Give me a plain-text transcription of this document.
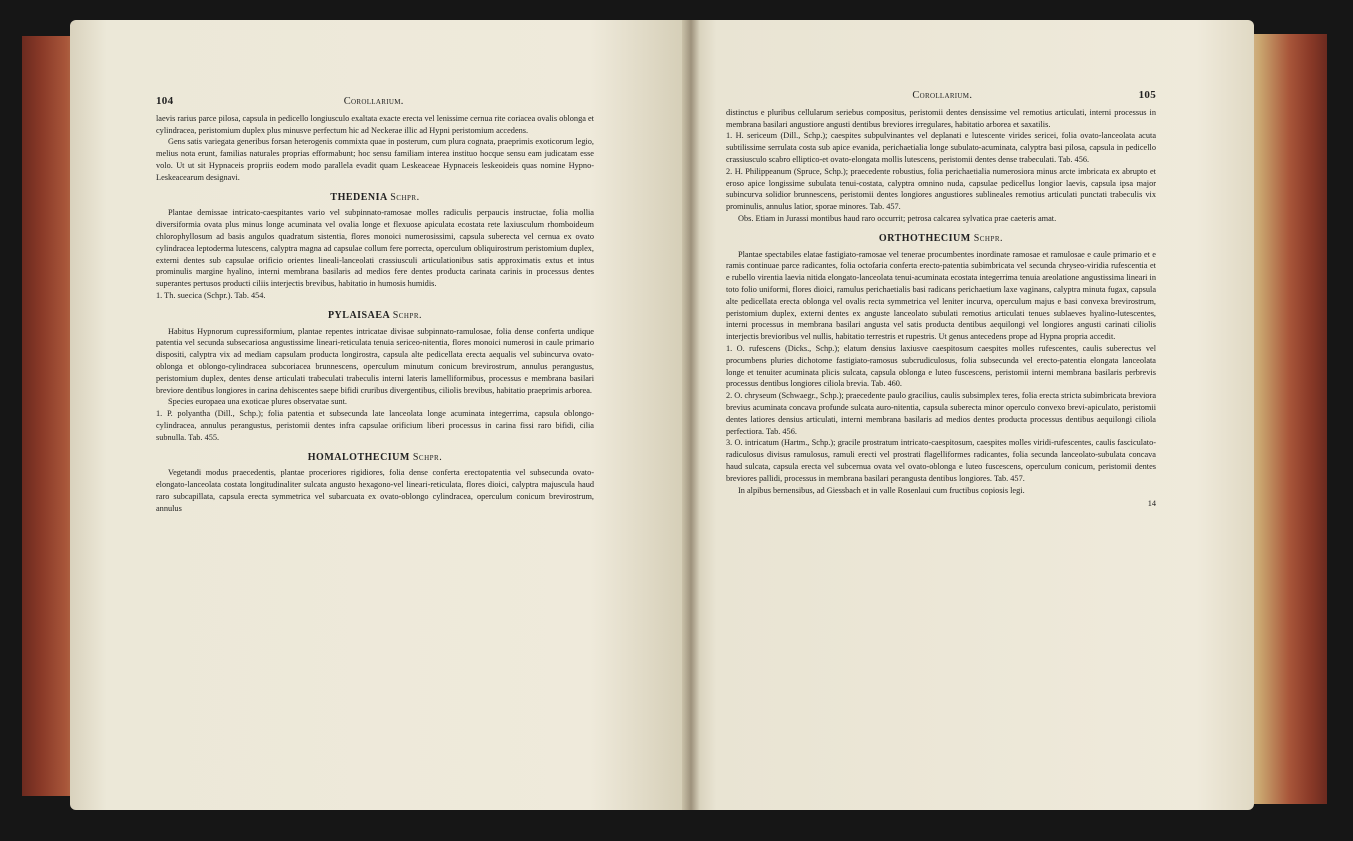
104	Corollarium.

laevis rarius parce pilosa, capsula in pedicello longiusculo exaltata exacte erecta vel lenissime cernua rite coriacea ovalis oblonga et cylindracea, peristomium duplex plus minusve perfectum hic ad Neckerae illic ad Hypni peristomium accedens.

Gens satis variegata generibus forsan heterogenis commixta quae in posterum, cum plura cognata, praeprimis exoticorum legio, melius nota erunt, familias naturales proprias efformabunt; hoc sensu familiam interea instituo hocque sensu eam judicatam esse volo. Ut ut sit Hypnaceis propriis eodem modo parallela evadit quam Leskeaceae Hypnaceis leskeoideis quas nomine Hypno-Leskeacearum designavi.

THEDENIA Schpr.

Plantae demissae intricato-caespitantes vario vel subpinnato-ramosae molles radiculis perpaucis instructae, folia mollia diversiformia ovata plus minus longe acuminata vel ovalia longe et flexuose apiculata ecostata rete laxiusculum rhomboideum chlorophyllosum ad basis angulos quadratum sistentia, flores monoici numerosissimi, capsula suberecta vel cernua ex ovato cylindracea leptoderma lutescens, calyptra magna ad capsulae collum fere porrecta, operculum obliquirostrum peristomium duplex, externi dentes sub capsulae orificio orientes lineali-lanceolati crassiusculi articulationibus satis approximatis extus et intus prominulis margine hyalino, interni membrana basilaris ad medios fere dentes producta carinata carinis in processus dentes superantes pertusos producti ciliis interjectis brevibus, habitatio in humosis humidis.

1. Th. suecica (Schpr.). Tab. 454.

PYLAISAEA Schpr.

Habitus Hypnorum cupressiformium, plantae repentes intricatae divisae subpinnato-ramulosae, folia dense conferta undique patentia vel secunda subsecariosa angustissime lineari-reticulata tenuia sericeo-nitentia, flores monoici numerosi in caule primario dispositi, calyptra vix ad mediam capsulam producta longirostra, capsula alte pedicellata erecta aequalis vel subincurva ovato-oblonga et oblongo-cylindracea subcoriacea brunnescens, operculum minutum conicum brevirostrum, annulus perangustus, peristomium duplex, dentes dense articulati trabeculati trabeculis interni lateris lamelliformibus, processus e membrana basilari breviore dentibus longiores in carina dehiscentes saepe bifidi cruribus divergentibus, ciliolis brevibus, habitatio praeprimis arborea.

Species europaea una exoticae plures observatae sunt.

1. P. polyantha (Dill., Schp.); folia patentia et subsecunda late lanceolata longe acuminata integerrima, capsula oblongo-cylindracea, annulus perangustus, peristomii dentes infra capsulae orificium liberi processus in carina fissi raro bifidi, cilia subnulla. Tab. 455.

HOMALOTHECIUM Schpr.

Vegetandi modus praecedentis, plantae proceriores rigidiores, folia dense conferta erectopatentia vel subsecunda ovato-elongato-lanceolata costata longitudinaliter sulcata angusto hexagono-vel lineari-reticulata, flores dioici, calyptra majuscula haud raro subcapillata, capsula erecta symmetrica vel subarcuata ex ovato-oblongo cylindracea, operculum conicum brevirostrum, annulus

Corollarium.	105

distinctus e pluribus cellularum seriebus compositus, peristomii dentes densissime vel remotius articulati, interni processus in membrana basilari angustiore angusti dentibus breviores irregulares, habitatio arborea et saxatilis.

1. H. sericeum (Dill., Schp.); caespites subpulvinantes vel deplanati e lutescente virides sericei, folia ovato-lanceolata acuta subtilissime serrulata costa sub apice evanida, perichaetialia longe subulato-acuminata, calyptra basi pilosa, capsula in pedicello crassiusculo scabro elliptico-et ovato-elongata mollis lutescens, peristomii dentes dense trabeculati. Tab. 456.

2. H. Philippeanum (Spruce, Schp.); praecedente robustius, folia perichaetialia numerosiora minus arcte imbricata ex abrupto et eroso apice longissime subulata tenui-costata, calyptra omnino nuda, capsulae pedicellus longior laevis, capsula ipsa major subincurva solidior brunnescens, peristomii dentes longiores angustiores sublineales remotius articulati punctati trabeculis vix prominulis, annulus latior, sporae minores. Tab. 457.

Obs. Etiam in Jurassi montibus haud raro occurrit; petrosa calcarea sylvatica prae caeteris amat.

ORTHOTHECIUM Schpr.

Plantae spectabiles elatae fastigiato-ramosae vel tenerae procumbentes inordinate ramosae et ramulosae e caule primario et e ramis continuae parce radicantes, folia octofaria conferta erecto-patentia subimbricata vel secunda chryseo-viridia rufescentia et e rubello virentia laevia nitida elongato-lanceolata tenui-acuminata ecostata integerrima tenuia areolatione angustissima lineari in toto folio uniformi, flores dioici, ramulus perichaetialis basi radicans perichaetium laxe vaginans, calyptra minuta fugax, capsula alte pedicellata erecta oblonga vel ovalis recta symmetrica vel leniter incurva, operculum majus e basi convexa brevirostrum, peristomium duplex, externi dentes ex anguste lanceolato subulati remotius articulati tenues sublaeves hyalino-lutescentes, interni processus in membrana basilari angusta vel satis producta dentibus aequilongi vel longiores angusti carinati ciliolis interjectis brevioribus vel nullis, habitatio terrestris et rupestris. Ut genus antecedens prope ad Hypna propria accedit.

1. O. rufescens (Dicks., Schp.); elatum densius laxiusve caespitosum caespites molles rufescentes, caulis suberectus vel procumbens pluries dichotome fastigiato-ramosus subcrudiculosus, folia subsecunda vel erecto-patentia elongata lanceolata longe et tenuiter acuminata plicis sulcata, capsula oblonga e luteo fuscescens, peristomii interni membrana basilaris perbrevis processus dentibus longiores ciliola brevia. Tab. 460.

2. O. chryseum (Schwaegr., Schp.); praecedente paulo gracilius, caulis subsimplex teres, folia erecta stricta subimbricata breviora brevius acuminata concava profunde sulcata auro-nitentia, capsula suberecta minor operculo convexo brevi-apiculato, peristomii dentes latiores densius articulati, interni membrana basilaris ad medios dentes producta processus dentibus aequilongi ciliola perfectiora. Tab. 456.

3. O. intricatum (Hartm., Schp.); gracile prostratum intricato-caespitosum, caespites molles viridi-rufescentes, caulis fasciculato-radiculosus divisus ramulosus, ramuli erecti vel prostrati flagelliformes radicantes, folia secunda lanceolato-subulata concava haud sulcata, capsula erecta vel subcernua ovata vel ovato-oblonga e luteo fuscescens, operculum conicum, peristomii dentes breviores pallidi, processus in membrana basilari perangusta dentibus longiores. Tab. 457.

In alpibus bernensibus, ad Giessbach et in valle Rosenlaui cum fructibus copiosis legi.

14
